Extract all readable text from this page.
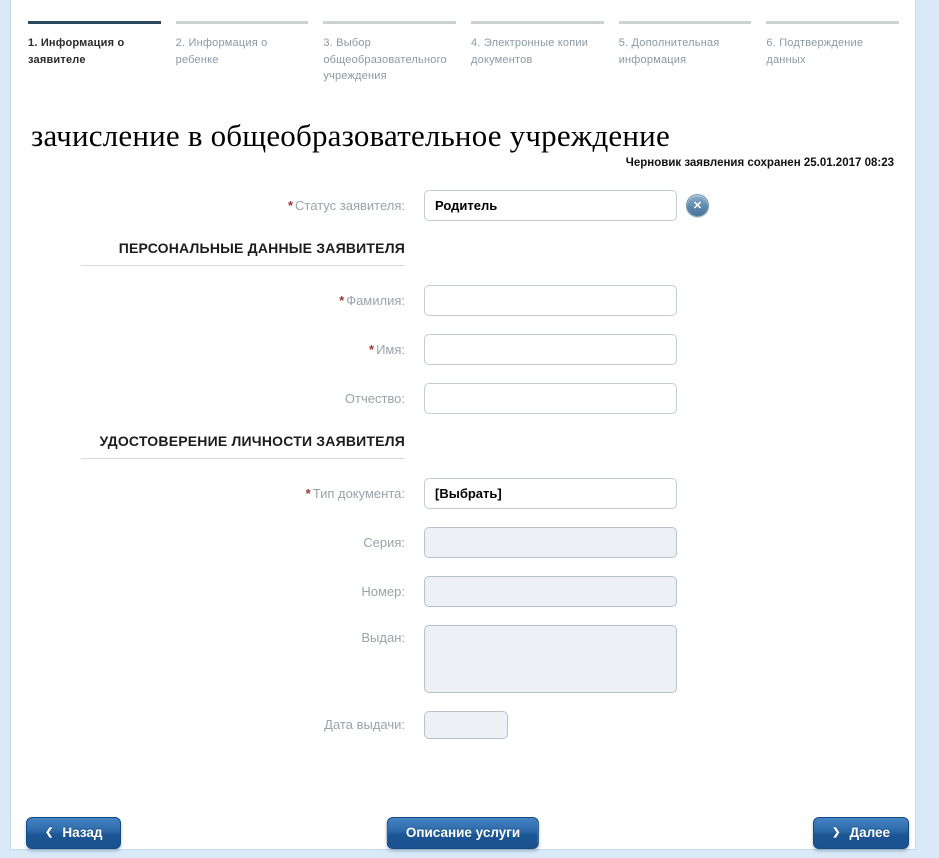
1. Информация о заявителе
2. Информация о ребенке
3. Выбор общеобразовательного учреждения
4. Электронные копии документов
5. Дополнительная информация
6. Подтверждение данных
зачисление в общеобразовательное учреждение
Черновик заявления сохранен 25.01.2017 08:23
* Статус заявителя:
Родитель	✕
ПЕРСОНАЛЬНЫЕ ДАННЫЕ ЗАЯВИТЕЛЯ
* Фамилия:
* Имя:
Отчество:
УДОСТОВЕРЕНИЕ ЛИЧНОСТИ ЗАЯВИТЕЛЯ
* Тип документа:
[Выбрать]
Серия:
Номер:
Выдан:
Дата выдачи:
❮ Назад	Описание услуги	❯ Далее
